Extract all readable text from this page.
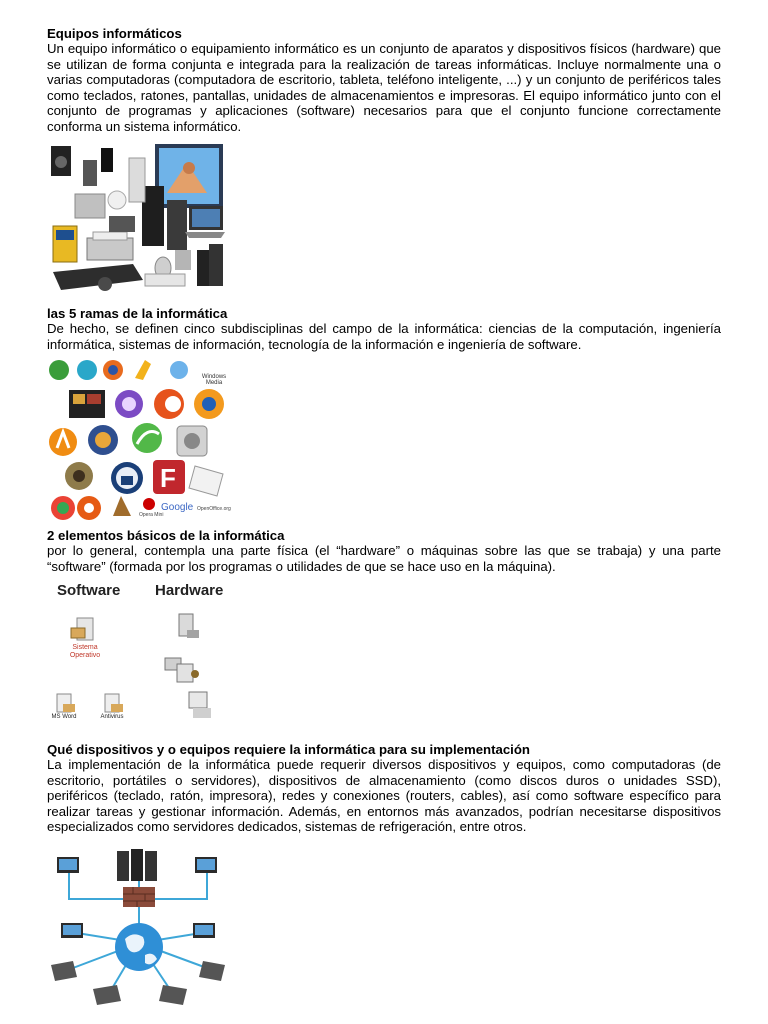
Equipos informáticos

Un equipo informático o equipamiento informático es un conjunto de aparatos y dispositivos físicos (hardware) que se utilizan de forma conjunta e integrada para la realización de tareas informáticas. Incluye normalmente una o varias computadoras (computadora de escritorio, tableta, teléfono inteligente, ...) y un conjunto de periféricos tales como teclados, ratones, pantallas, unidades de almacenamientos e impresoras. El equipo informático junto con el conjunto de programas y aplicaciones (software) necesarios para que el conjunto funcione correctamente conforma un sistema informático.

las 5 ramas de la informática

De hecho, se definen cinco subdisciplinas del campo de la informática: ciencias de la computación, ingeniería informática, sistemas de información, tecnología de la información e ingeniería de software.

F
Windows Media
Google
Opera Mini
OpenOffice.org

2 elementos básicos de la informática

por lo general, contempla una parte física (el “hardware” o máquinas sobre las que se trabaja) y una parte “software” (formada por los programas o utilidades de que se hace uso en la máquina).

Software Hardware
Sistema Operativo
MS Word	Antivirus

Qué dispositivos y o equipos requiere la informática para su implementación

La implementación de la informática puede requerir diversos dispositivos y equipos, como computadoras (de escritorio, portátiles o servidores), dispositivos de almacenamiento (como discos duros o unidades SSD), periféricos (teclado, ratón, impresora), redes y conexiones (routers, cables), así como software específico para realizar tareas y gestionar información. Además, en entornos más avanzados, podrían necesitarse dispositivos especializados como servidores dedicados, sistemas de refrigeración, entre otros.
